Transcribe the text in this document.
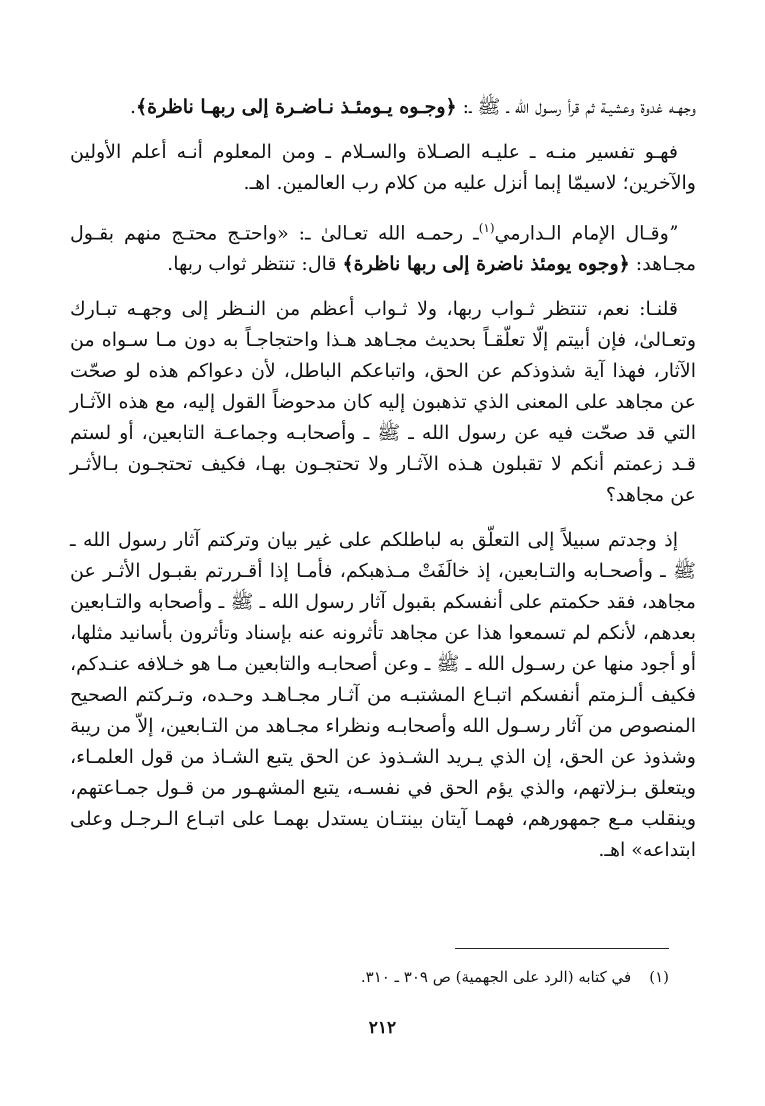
وجهـه غدوة وعشيـة ثم قرأ رسـول الله ـ ﷺ ـ: ﴿وجـوه يـومئـذ نـاضـرة إلى ربهـا ناظرة﴾.

فهـو تفسير منـه ـ عليـه الصـلاة والسـلام ـ ومن المعلوم أنـه أعلم الأولين والآخرين؛ لاسيمّا إبما أنزل عليه من كلام رب العالمين. اهـ.

ˮوقـال الإمام الـدارمي$^{(١)}$ـ رحمـه الله تعـالىٰ ـ: «واحتـج محتـج منهم بقـول مجـاهد: ﴿وجوه يومئذ ناضرة إلى ربها ناظرة﴾ قال: تنتظر ثواب ربها.

قلنـا: نعم، تنتظر ثـواب ربها، ولا ثـواب أعظم من النـظر إلى وجهـه تبـارك وتعـالىٰ، فإن أبيتم إلّا تعلّقـاً بحديث مجـاهد هـذا واحتجاجـاً به دون مـا سـواه من الآثار، فهذا آية شذوذكم عن الحق، واتباعكم الباطل، لأن دعواكم هذه لو صحّت عن مجاهد على المعنى الذي تذهبون إليه كان مدحوضاً القول إليه، مع هذه الآثـار التي قد صحّت فيه عن رسول الله ـ ﷺ ـ وأصحابـه وجماعـة التابعين، أو لستم قـد زعمتم أنكم لا تقبلون هـذه الآثـار ولا تحتجـون بهـا، فكيف تحتجـون بـالأثـر عن مجاهد؟

إذ وجدتم سبيلاً إلى التعلّق به لباطلكم على غير بيان وتركتم آثار رسول الله ـ ﷺ ـ وأصحـابه والتـابعين، إذ خالَفَتْ مـذهبكم، فأمـا إذا أقـررتم بقبـول الأثـر عن مجاهد، فقد حكمتم على أنفسكم بقبول آثار رسول الله ـ ﷺ ـ وأصحابه والتـابعين بعدهم، لأنكم لم تسمعوا هذا عن مجاهد تأثرونه عنه بإسناد وتأثرون بأسانيد مثلها، أو أجود منها عن رسـول الله ـ ﷺ ـ وعن أصحابـه والتابعين مـا هو خـلافه عنـدكم، فكيف ألـزمتم أنفسكم اتبـاع المشتبـه من آثـار مجـاهـد وحـده، وتـركتم الصحيح المنصوص من آثار رسـول الله وأصحابـه ونظراء مجـاهد من التـابعين، إلاّ من ريبة وشذوذ عن الحق، إن الذي يـريد الشـذوذ عن الحق يتبع الشـاذ من قول العلمـاء، ويتعلق بـزلاتهم، والذي يؤم الحق في نفسـه، يتبع المشهـور من قـول جمـاعتهم، وينقلب مـع جمهورهم، فهمـا آيتان بينتـان يستدل بهمـا على اتبـاع الـرجـل وعلى ابتداعه» اهـ.

(١)في كتابه (الرد على الجهمية) ص ٣٠٩ ـ ٣١٠.
٢١٢
